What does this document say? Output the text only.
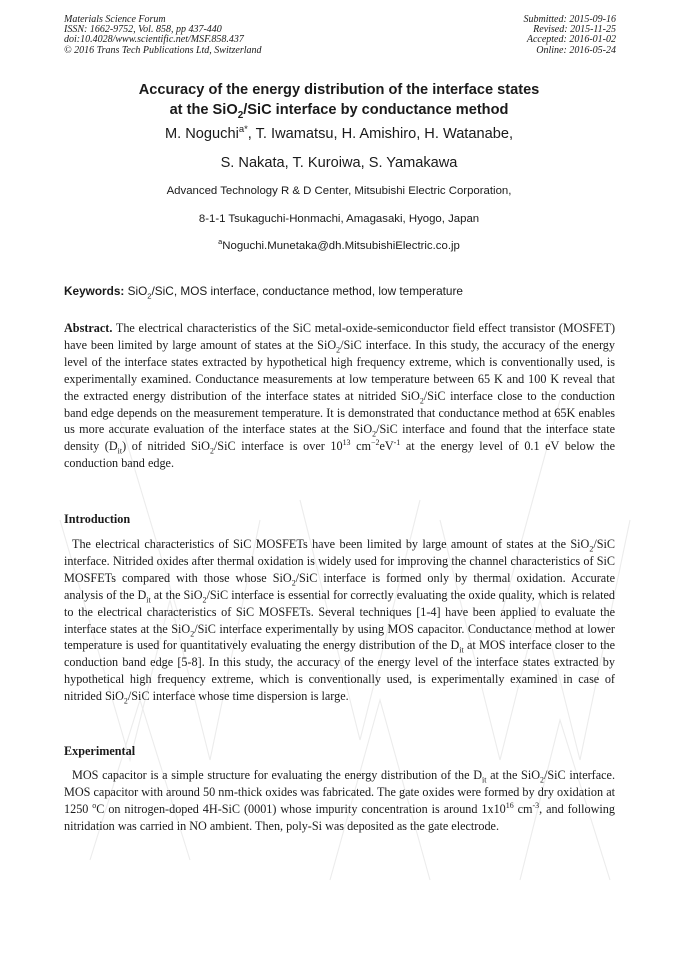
Materials Science Forum
ISSN: 1662-9752, Vol. 858, pp 437-440
doi:10.4028/www.scientific.net/MSF.858.437
© 2016 Trans Tech Publications Ltd, Switzerland
Submitted: 2015-09-16
Revised: 2015-11-25
Accepted: 2016-01-02
Online: 2016-05-24
Accuracy of the energy distribution of the interface states
at the SiO$_2$/SiC interface by conductance method
M. Noguchi$^{a*}$, T. Iwamatsu, H. Amishiro, H. Watanabe,
S. Nakata, T. Kuroiwa, S. Yamakawa
Advanced Technology R & D Center, Mitsubishi Electric Corporation,
8-1-1 Tsukaguchi-Honmachi, Amagasaki, Hyogo, Japan
$^a$Noguchi.Munetaka@dh.MitsubishiElectric.co.jp
Keywords: SiO$_2$/SiC, MOS interface, conductance method, low temperature
Abstract. The electrical characteristics of the SiC metal-oxide-semiconductor field effect transistor (MOSFET) have been limited by large amount of states at the SiO$_2$/SiC interface. In this study, the accuracy of the energy level of the interface states extracted by hypothetical high frequency extreme, which is conventionally used, is experimentally examined. Conductance measurements at low temperature between 65 K and 100 K reveal that the extracted energy distribution of the interface states at nitrided SiO$_2$/SiC interface close to the conduction band edge depends on the measurement temperature. It is demonstrated that conductance method at 65K enables us more accurate evaluation of the interface states at the SiO$_2$/SiC interface and found that the interface state density $(D_{it})$ of nitrided SiO$_2$/SiC interface is over $10^{13}$ $cm^{-2}eV^{-1}$ at the energy level of 0.1 eV below the conduction band edge.
Introduction
The electrical characteristics of SiC MOSFETs have been limited by large amount of states at the SiO$_2$/SiC interface. Nitrided oxides after thermal oxidation is widely used for improving the channel characteristics of SiC MOSFETs compared with those whose SiO$_2$/SiC interface is formed only by thermal oxidation. Accurate analysis of the $D_{it}$ at the SiO$_2$/SiC interface is essential for correctly evaluating the oxide quality, which is related to the electrical characteristics of SiC MOSFETs. Several techniques [1-4] have been applied to evaluate the interface states at the SiO$_2$/SiC interface experimentally by using MOS capacitor. Conductance method at lower temperature is used for quantitatively evaluating the energy distribution of the $D_{it}$ at MOS interface closer to the conduction band edge [5-8]. In this study, the accuracy of the energy level of the interface states extracted by hypothetical high frequency extreme, which is conventionally used, is experimentally examined in case of nitrided SiO$_2$/SiC interface whose time dispersion is large.
Experimental
MOS capacitor is a simple structure for evaluating the energy distribution of the $D_{it}$ at the SiO$_2$/SiC interface. MOS capacitor with around 50 nm-thick oxides was fabricated. The gate oxides were formed by dry oxidation at 1250 $^o$C on nitrogen-doped 4H-SiC (0001) whose impurity concentration is around $1x10^{16}$ $cm^{-3}$, and following nitridation was carried in NO ambient. Then, poly-Si was deposited as the gate electrode.
